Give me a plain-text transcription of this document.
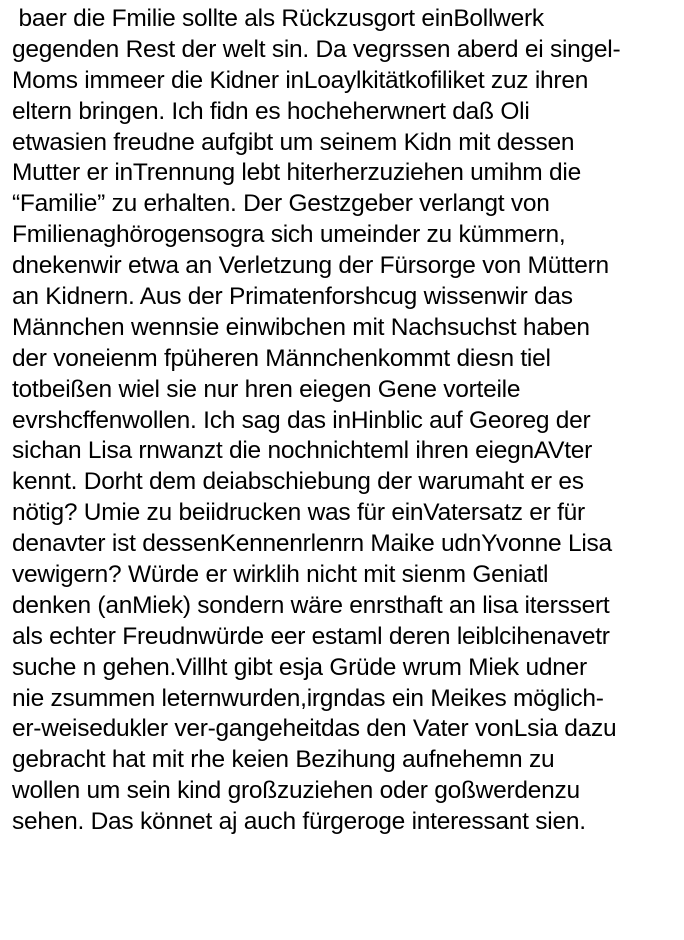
baer die Fmilie sollte als Rückzusgort einBollwerk
gegenden Rest der welt sin. Da vegrssen aberd ei singel-
Moms immeer die Kidner inLoaylkitätkofiliket zuz ihren
eltern bringen. Ich fidn es hocheherwnert daß Oli
etwasien freudne aufgibt um seinem Kidn mit dessen
Mutter er inTrennung lebt hiterherzuziehen umihm die
“Familie” zu erhalten. Der Gestzgeber verlangt von
Fmilienaghörogensogra sich umeinder zu kümmern,
dnekenwir etwa an Verletzung der Fürsorge von Müttern
an Kidnern. Aus der Primatenforshcug wissenwir das
Männchen wennsie einwibchen mit Nachsuchst haben
der voneienm fpüheren Männchenkommt diesn tiel
totbeißen wiel sie nur hren eiegen Gene vorteile
evrshcffenwollen. Ich sag das inHinblic auf Georeg der
sichan Lisa rnwanzt die nochnichteml ihren eiegnAVter
kennt. Dorht dem deiabschiebung der warumaht er es
nötig? Umie zu beiidrucken was für einVatersatz er für
denavter ist dessenKennenrlenrn Maike udnYvonne Lisa
vewigern? Würde er wirklih nicht mit sienm Geniatl
denken (anMiek) sondern wäre enrsthaft an lisa iterssert
als echter Freudnwürde eer estaml deren leiblcihenavetr
suche n gehen.Villht gibt esja Grüde wrum Miek udner
nie zsummen leternwurden,irgndas ein Meikes möglich-
er-weisedukler ver-gangeheitdas den Vater vonLsia dazu
gebracht hat mit rhe keien Bezihung aufnehemn zu
wollen um sein kind großzuziehen oder goßwerdenzu
sehen. Das könnet aj auch fürgeroge interessant sien.
